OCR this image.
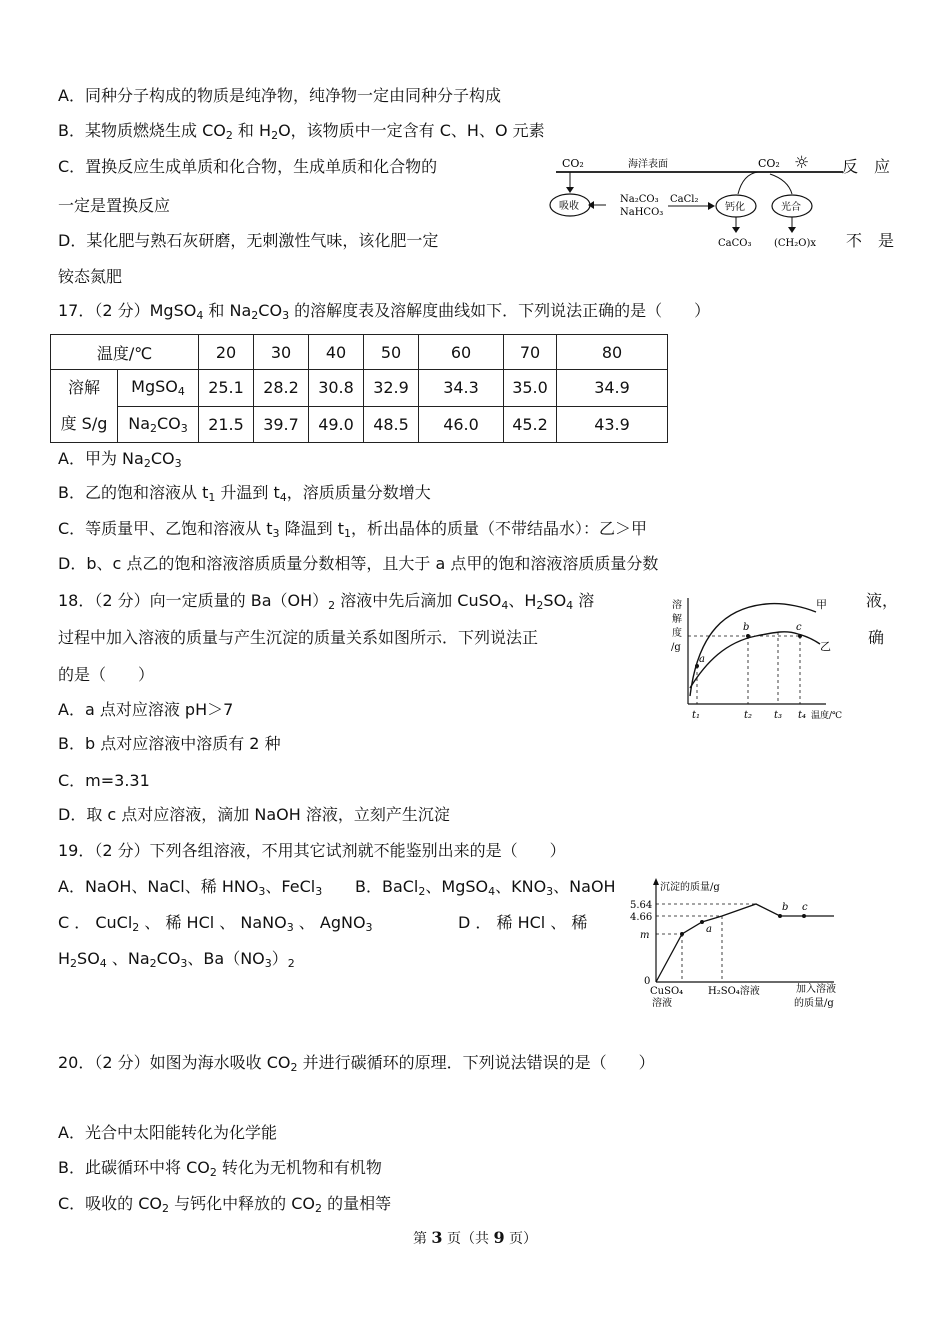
A．同种分子构成的物质是纯净物，纯净物一定由同种分子构成
B．某物质燃烧生成 $CO_2$ 和 $H_2O$，该物质中一定含有 C、H、O 元素
C．置换反应生成单质和化合物，生成单质和化合物的	反　应
一定是置换反应
D．某化肥与熟石灰研磨，无刺激性气味，该化肥一定	不　是
铵态氮肥
CO₂	海洋表面	CO₂ ☼
吸收
Na₂CO₃
NaHCO₃
CaCl₂
钙化	光合
CaCO₃ (CH₂O)x
17．（2 分）MgSO$_4$ 和 $Na_2CO_3$ 的溶解度表及溶解度曲线如下．下列说法正确的是（　　）
温度/℃		20	30	40	50	60	70	80
溶解
度 S/g	MgSO$_4$	25.1	28.2	30.8	32.9	34.3	35.0	34.9
	$Na_2CO_3$	21.5	39.7	49.0	48.5	46.0	45.2	43.9
A．甲为 $Na_2CO_3$
B．乙的饱和溶液从 $t_1$ 升温到 $t_4$，溶质质量分数增大
C．等质量甲、乙饱和溶液从 $t_3$ 降温到 $t_1$，析出晶体的质量（不带结晶水）：乙＞甲
D．b、c 点乙的饱和溶液溶质质量分数相等，且大于 a 点甲的饱和溶液溶质质量分数
18．（2 分）向一定质量的 $Ba(OH)_2$ 溶液中先后滴加 CuSO$_4$、$H_2SO_4$ 溶	液，
过程中加入溶液的质量与产生沉淀的质量关系如图所示．下列说法正	确
的是（　　）
A．a 点对应溶液 pH＞7
B．b 点对应溶液中溶质有 2 种
C．m=3.31
D．取 c 点对应溶液，滴加 NaOH 溶液，立刻产生沉淀
溶
解
度
/g
a
b	c
甲
乙
t₁	t₂ t₃ t₄ 温度/℃
19．（2 分）下列各组溶液，不用其它试剂就不能鉴别出来的是（　　）
A．NaOH、NaCl、稀 $HNO_3$、FeCl$_3$ B．BaCl$_2$、MgSO$_4$、$KNO_3$、NaOH
C ． CuCl$_2$ 、 稀 HCl 、 NaNO$_3$ 、 AgNO$_3$	D ． 稀 HCl 、 稀
$H_2SO_4$ 、$Na_2CO_3$、$Ba(NO_3)_2$
沉淀的质量/g
5.64
4.66
m
0
a
b c
CuSO₄
溶液
H₂SO₄溶液	加入溶液
的质量/g
20．（2 分）如图为海水吸收 $CO_2$ 并进行碳循环的原理．下列说法错误的是（　　）
A．光合中太阳能转化为化学能
B．此碳循环中将 $CO_2$ 转化为无机物和有机物
C．吸收的 $CO_2$ 与钙化中释放的 $CO_2$ 的量相等
第 3 页（共 9 页）
